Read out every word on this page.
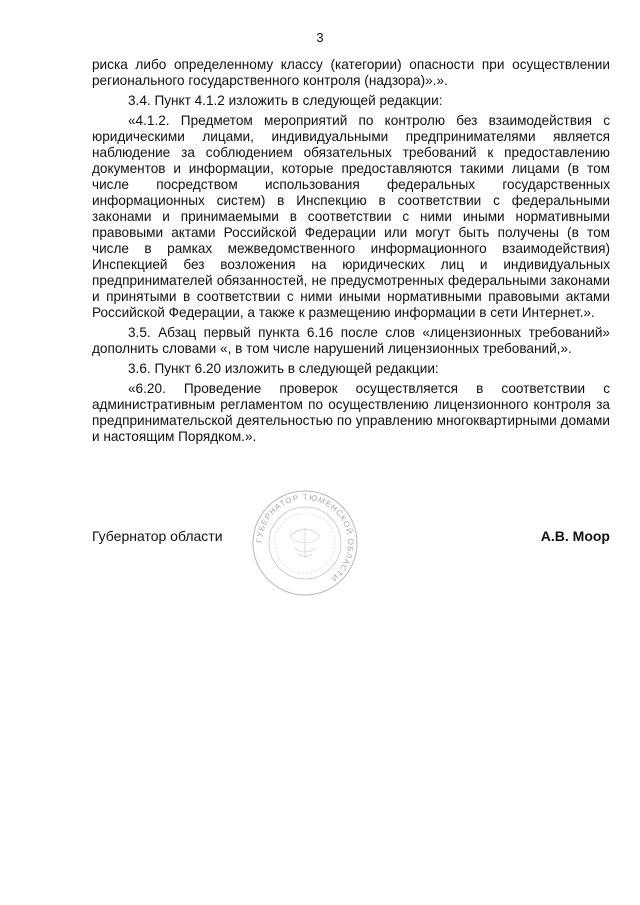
3

риска либо определенному классу (категории) опасности при осуществлении регионального государственного контроля (надзора)».».

3.4. Пункт 4.1.2 изложить в следующей редакции:

«4.1.2. Предметом мероприятий по контролю без взаимодействия с юридическими лицами, индивидуальными предпринимателями является наблюдение за соблюдением обязательных требований к предоставлению документов и информации, которые предоставляются такими лицами (в том числе посредством использования федеральных государственных информационных систем) в Инспекцию в соответствии с федеральными законами и принимаемыми в соответствии с ними иными нормативными правовыми актами Российской Федерации или могут быть получены (в том числе в рамках межведомственного информационного взаимодействия) Инспекцией без возложения на юридических лиц и индивидуальных предпринимателей обязанностей, не предусмотренных федеральными законами и принятыми в соответствии с ними иными нормативными правовыми актами Российской Федерации, а также к размещению информации в сети Интернет.».

3.5. Абзац первый пункта 6.16 после слов «лицензионных требований» дополнить словами «, в том числе нарушений лицензионных требований,».

3.6. Пункт 6.20 изложить в следующей редакции:

«6.20. Проведение проверок осуществляется в соответствии с административным регламентом по осуществлению лицензионного контроля за предпринимательской деятельностью по управлению многоквартирными домами и настоящим Порядком.».

ГУБЕРНАТОР ТЮМЕНСКОЙ ОБЛАСТИ
Губернатор области	А.В. Моор
